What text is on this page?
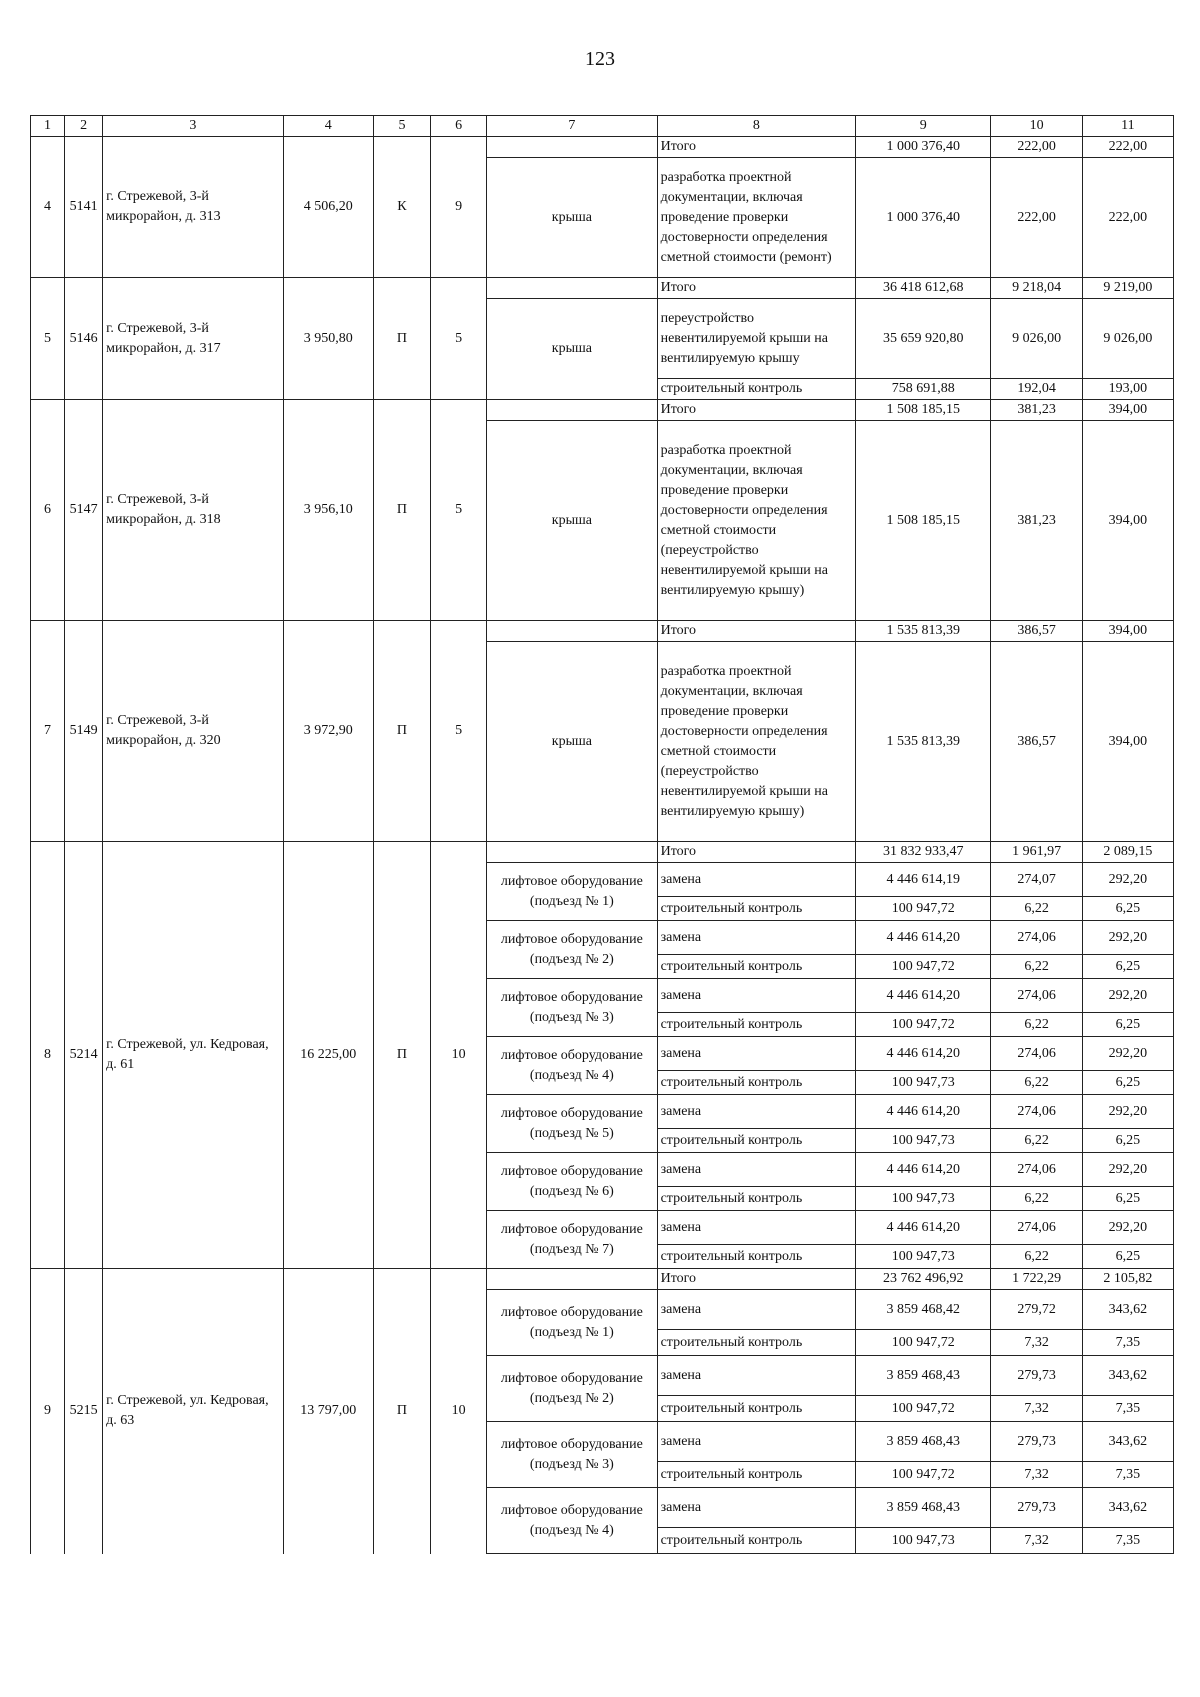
123
1	2	3	4	5	6	7	8	9	10	11
4	5141	г. Стрежевой, 3-й микрорайон, д. 313	4 506,20	К	9		Итого	1 000 376,40	222,00	222,00
						крыша	разработка проектной документации, включая проведение проверки достоверности определения сметной стоимости (ремонт)	1 000 376,40	222,00	222,00
5	5146	г. Стрежевой, 3-й микрорайон, д. 317	3 950,80	П	5		Итого	36 418 612,68	9 218,04	9 219,00
						крыша	переустройство невентилируемой крыши на вентилируемую крышу	35 659 920,80	9 026,00	9 026,00
							строительный контроль	758 691,88	192,04	193,00
6	5147	г. Стрежевой, 3-й микрорайон, д. 318	3 956,10	П	5		Итого	1 508 185,15	381,23	394,00
						крыша	разработка проектной документации, включая проведение проверки достоверности определения сметной стоимости (переустройство невентилируемой крыши на вентилируемую крышу)	1 508 185,15	381,23	394,00
7	5149	г. Стрежевой, 3-й микрорайон, д. 320	3 972,90	П	5		Итого	1 535 813,39	386,57	394,00
						крыша	разработка проектной документации, включая проведение проверки достоверности определения сметной стоимости (переустройство невентилируемой крыши на вентилируемую крышу)	1 535 813,39	386,57	394,00
8	5214	г. Стрежевой, ул. Кедровая, д. 61	16 225,00	П	10		Итого	31 832 933,47	1 961,97	2 089,15
						лифтовое оборудование (подъезд № 1)	замена	4 446 614,19	274,07	292,20
							строительный контроль	100 947,72	6,22	6,25
						лифтовое оборудование (подъезд № 2)	замена	4 446 614,20	274,06	292,20
							строительный контроль	100 947,72	6,22	6,25
						лифтовое оборудование (подъезд № 3)	замена	4 446 614,20	274,06	292,20
							строительный контроль	100 947,72	6,22	6,25
						лифтовое оборудование (подъезд № 4)	замена	4 446 614,20	274,06	292,20
							строительный контроль	100 947,73	6,22	6,25
						лифтовое оборудование (подъезд № 5)	замена	4 446 614,20	274,06	292,20
							строительный контроль	100 947,73	6,22	6,25
						лифтовое оборудование (подъезд № 6)	замена	4 446 614,20	274,06	292,20
							строительный контроль	100 947,73	6,22	6,25
						лифтовое оборудование (подъезд № 7)	замена	4 446 614,20	274,06	292,20
							строительный контроль	100 947,73	6,22	6,25
9	5215	г. Стрежевой, ул. Кедровая, д. 63	13 797,00	П	10		Итого	23 762 496,92	1 722,29	2 105,82
						лифтовое оборудование (подъезд № 1)	замена	3 859 468,42	279,72	343,62
							строительный контроль	100 947,72	7,32	7,35
						лифтовое оборудование (подъезд № 2)	замена	3 859 468,43	279,73	343,62
							строительный контроль	100 947,72	7,32	7,35
						лифтовое оборудование (подъезд № 3)	замена	3 859 468,43	279,73	343,62
							строительный контроль	100 947,72	7,32	7,35
						лифтовое оборудование (подъезд № 4)	замена	3 859 468,43	279,73	343,62
							строительный контроль	100 947,73	7,32	7,35
